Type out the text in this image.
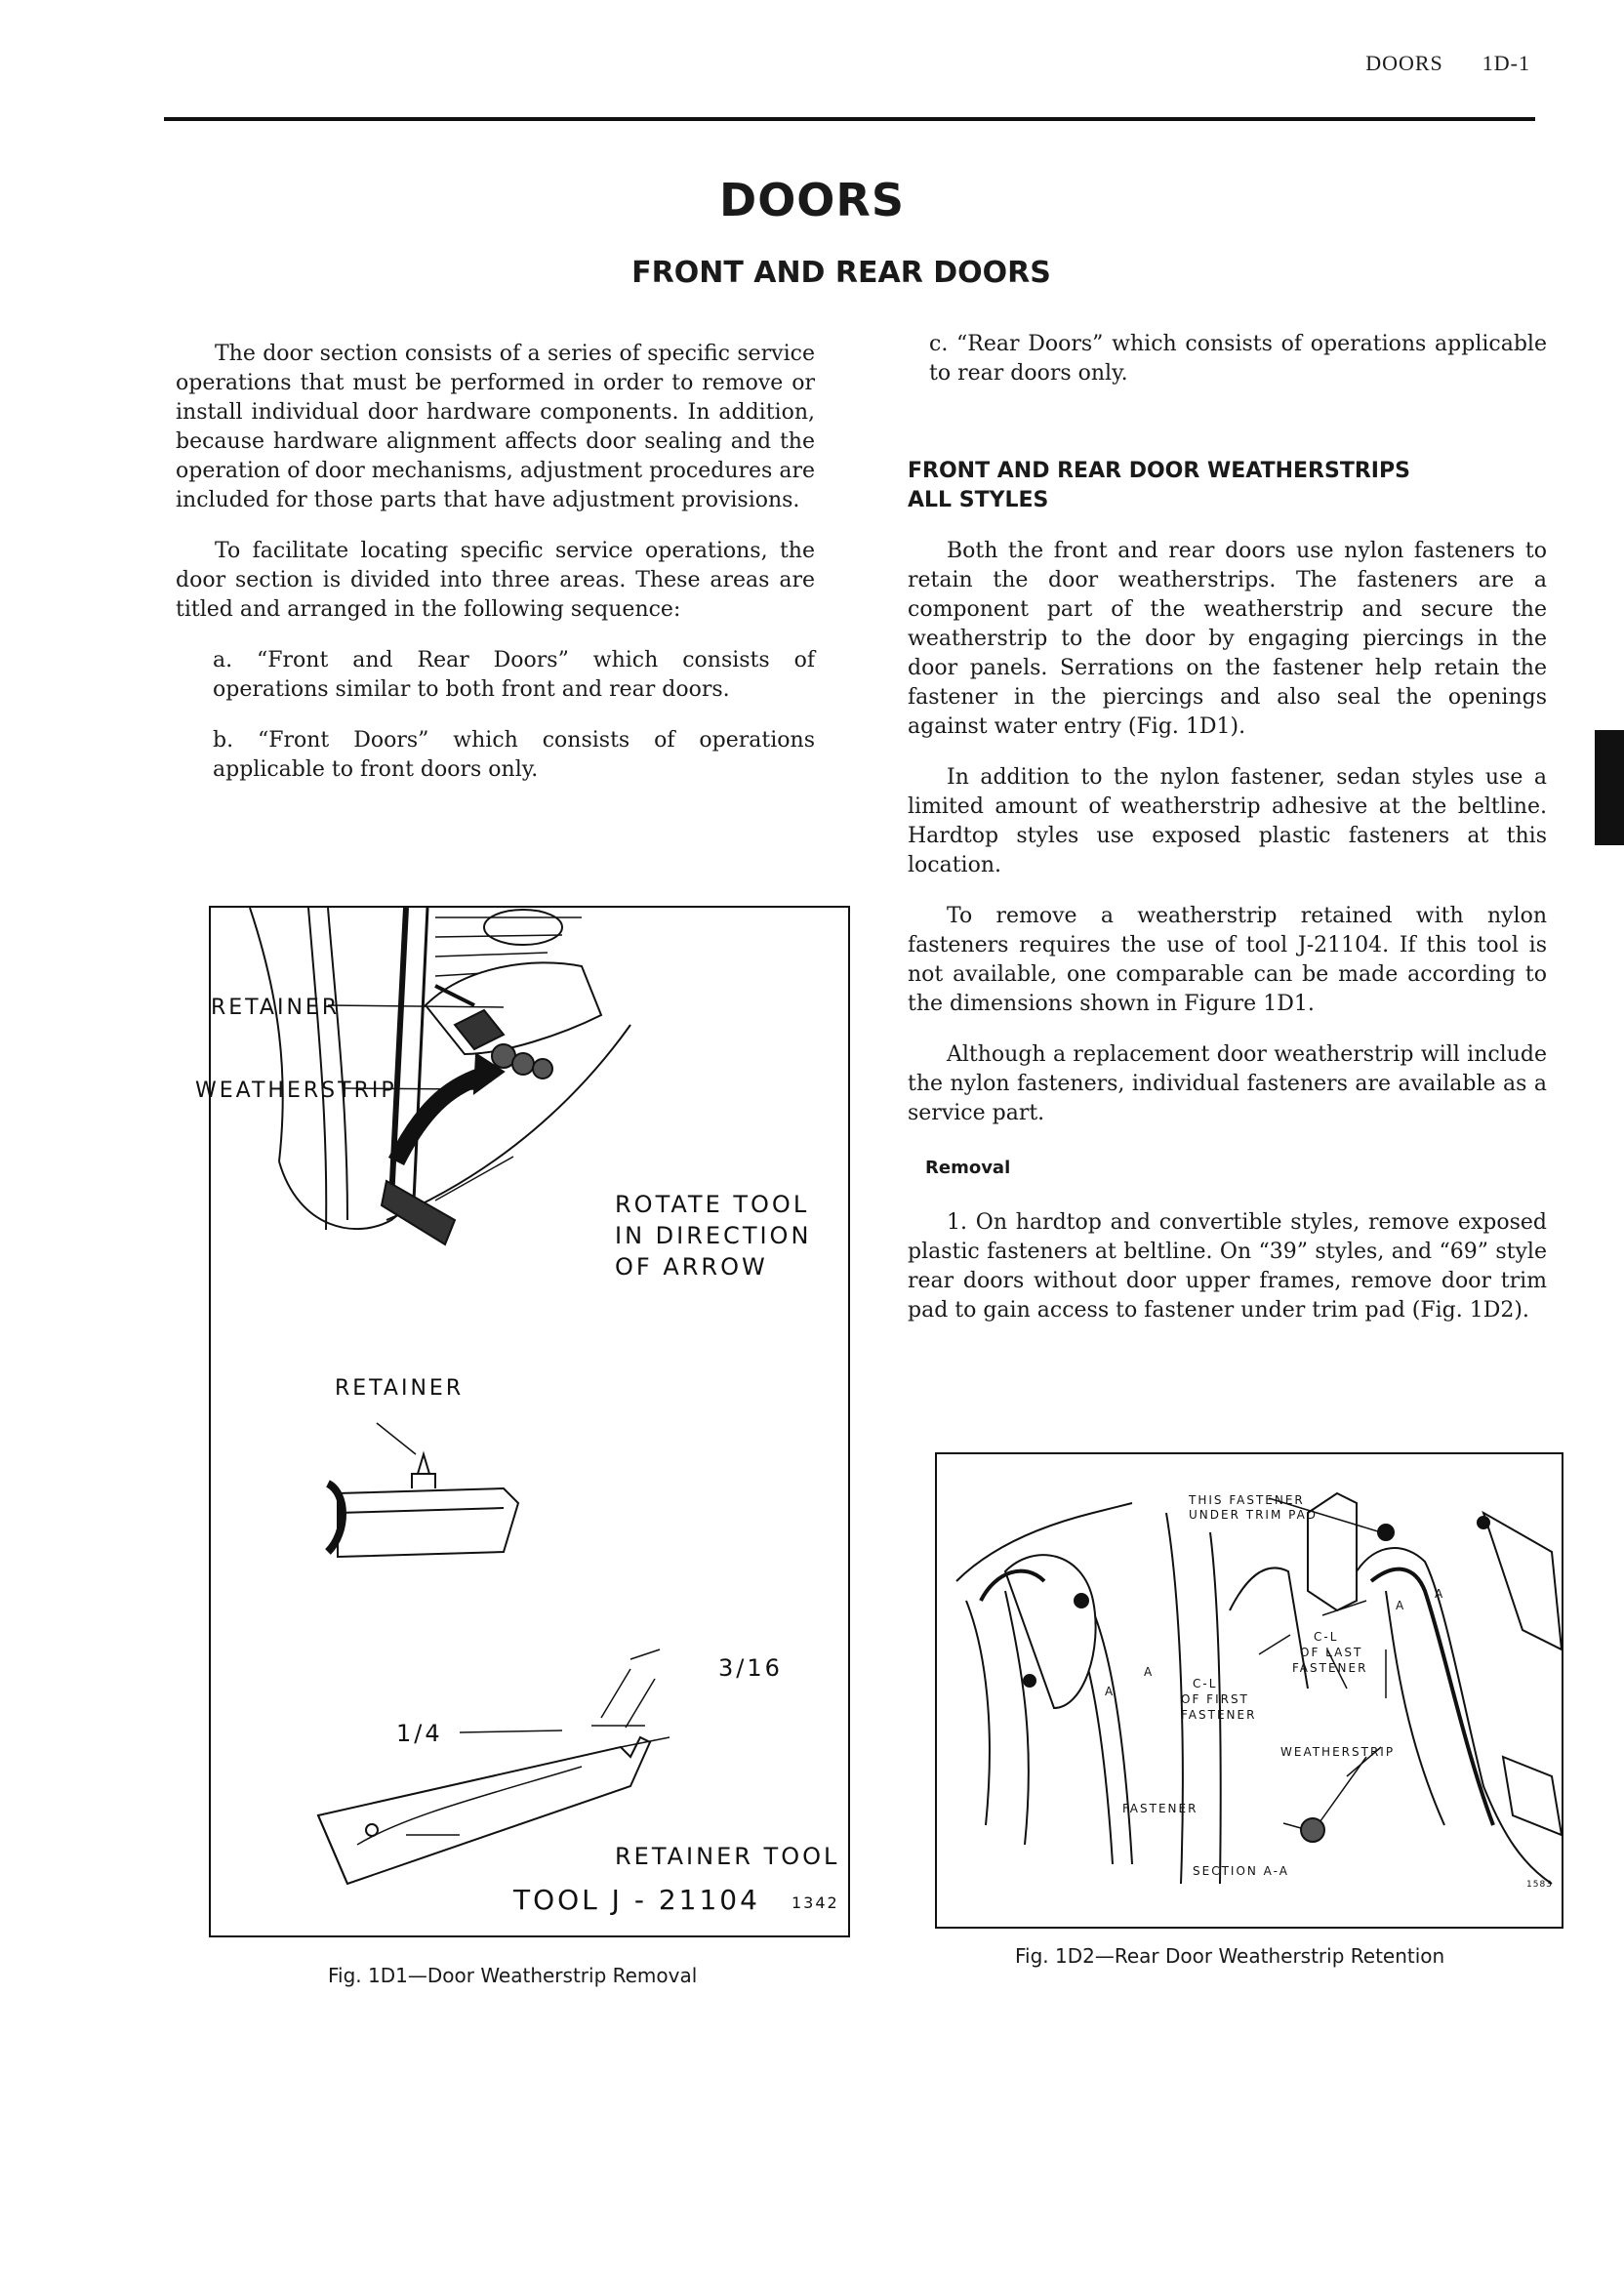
DOORS 1D-1
DOORS
FRONT AND REAR DOORS

The door section consists of a series of specific service operations that must be performed in order to remove or install individual door hardware components. In addition, because hardware alignment affects door sealing and the operation of door mechanisms, adjustment procedures are included for those parts that have adjustment provisions.

To facilitate locating specific service operations, the door section is divided into three areas. These areas are titled and arranged in the following sequence:

a. “Front and Rear Doors” which consists of operations similar to both front and rear doors.

b. “Front Doors” which consists of operations applicable to front doors only.

c. “Rear Doors” which consists of operations applicable to rear doors only.

FRONT AND REAR DOOR WEATHERSTRIPS
ALL STYLES

Both the front and rear doors use nylon fasteners to retain the door weatherstrips. The fasteners are a component part of the weatherstrip and secure the weatherstrip to the door by engaging piercings in the door panels. Serrations on the fastener help retain the fastener in the piercings and also seal the openings against water entry (Fig. 1D1).

In addition to the nylon fastener, sedan styles use a limited amount of weatherstrip adhesive at the beltline. Hardtop styles use exposed plastic fasteners at this location.

To remove a weatherstrip retained with nylon fasteners requires the use of tool J-21104. If this tool is not available, one comparable can be made according to the dimensions shown in Figure 1D1.

Although a replacement door weatherstrip will include the nylon fasteners, individual fasteners are available as a service part.

Removal

1. On hardtop and convertible styles, remove exposed plastic fasteners at beltline. On “39” styles, and “69” style rear doors without door upper frames, remove door trim pad to gain access to fastener under trim pad (Fig. 1D2).

RETAINER
WEATHERSTRIP
ROTATE TOOL
IN DIRECTION
OF ARROW
RETAINER
3/16
1/4
RETAINER TOOL
TOOL J - 21104 1342
Fig. 1D1—Door Weatherstrip Removal
THIS FASTENER
UNDER TRIM PAD
C-L
OF LAST
FASTENER
C-L
OF FIRST
FASTENER
WEATHERSTRIP
FASTENER
SECTION A-A
A
A
A
A
1583
Fig. 1D2—Rear Door Weatherstrip Retention
